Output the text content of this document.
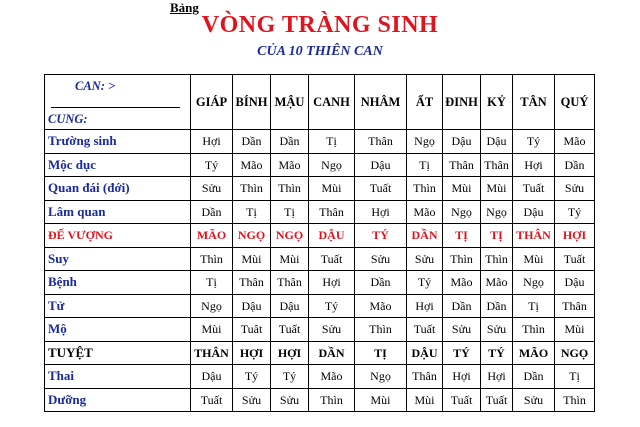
Bảng
VÒNG TRÀNG SINH
CỦA 10 THIÊN CAN
CAN: >
CUNG:	GIÁP	BÍNH	MẬU	CANH	NHÂM	ẤT	ĐINH	KỶ	TÂN	QUÝ
Trường sinh	Hợi	Dần	Dần	Tị	Thân	Ngọ	Dậu	Dậu	Tý	Mão
Mộc dục	Tý	Mão	Mão	Ngọ	Dậu	Tị	Thân	Thân	Hợi	Dần
Quan đái (đới)	Sửu	Thìn	Thìn	Mùi	Tuất	Thìn	Mùi	Mùi	Tuất	Sửu
Lâm quan	Dần	Tị	Tị	Thân	Hợi	Mão	Ngọ	Ngọ	Dậu	Tý
ĐẾ VƯỢNG	MÃO	NGỌ	NGỌ	DẬU	TÝ	DẦN	TỊ	TỊ	THÂN	HỢI
Suy	Thìn	Mùi	Mùi	Tuất	Sửu	Sửu	Thìn	Thìn	Mùi	Tuất
Bệnh	Tị	Thân	Thân	Hợi	Dần	Tý	Mão	Mão	Ngọ	Dậu
Tử	Ngọ	Dậu	Dậu	Tý	Mão	Hợi	Dần	Dần	Tị	Thân
Mộ	Mùi	Tuât	Tuất	Sửu	Thìn	Tuất	Sửu	Sửu	Thìn	Mùi
TUYỆT	THÂN	HỢI	HỢI	DẦN	TỊ	DẬU	TÝ	TÝ	MÃO	NGỌ
Thai	Dậu	Tý	Tý	Mão	Ngọ	Thân	Hợi	Hợi	Dần	Tị
Dưỡng	Tuất	Sửu	Sửu	Thìn	Mùi	Mùi	Tuất	Tuất	Sửu	Thìn
